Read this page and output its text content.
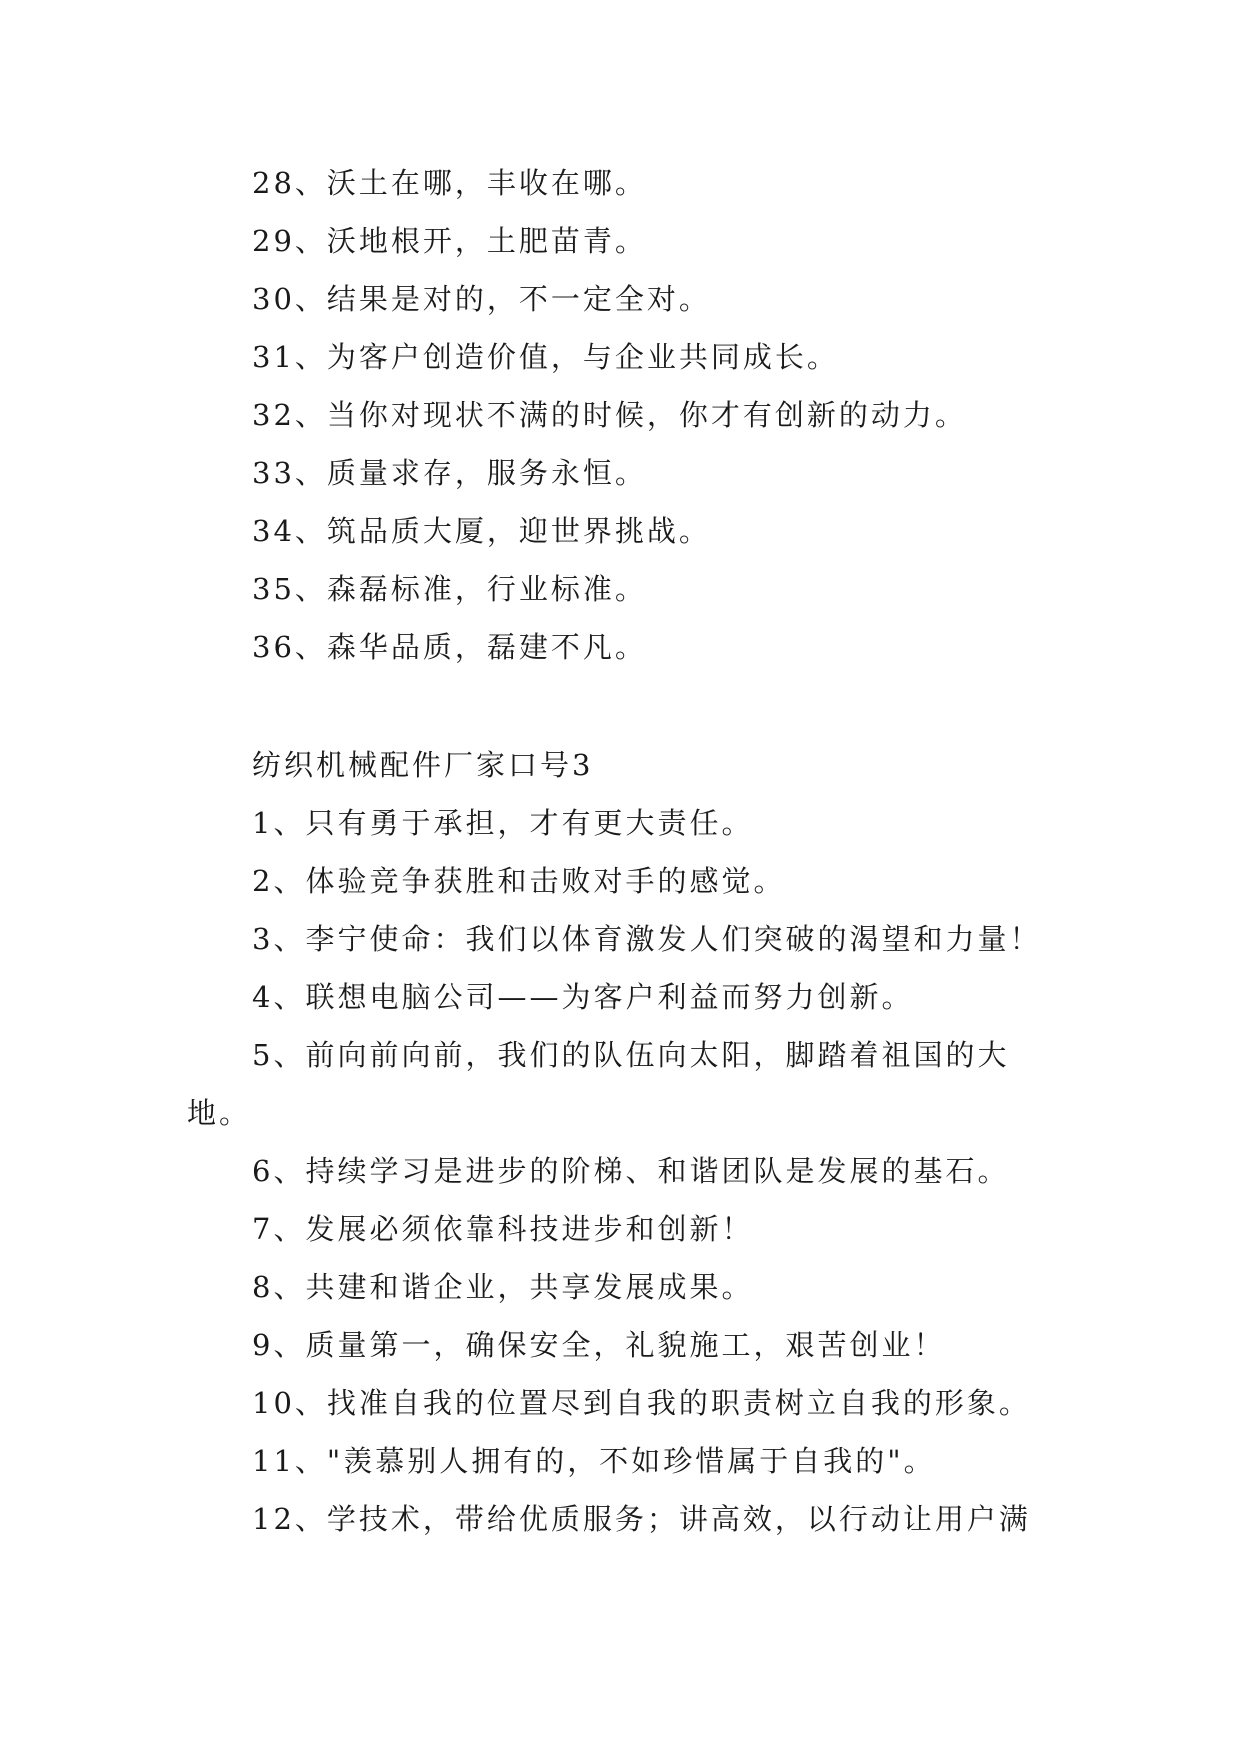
28、沃土在哪，丰收在哪。
29、沃地根开，土肥苗青。
30、结果是对的，不一定全对。
31、为客户创造价值，与企业共同成长。
32、当你对现状不满的时候，你才有创新的动力。
33、质量求存，服务永恒。
34、筑品质大厦，迎世界挑战。
35、森磊标准，行业标准。
36、森华品质，磊建不凡。
纺织机械配件厂家口号3
1、只有勇于承担，才有更大责任。
2、体验竞争获胜和击败对手的感觉。
3、李宁使命：我们以体育激发人们突破的渴望和力量！
4、联想电脑公司——为客户利益而努力创新。
5、前向前向前，我们的队伍向太阳，脚踏着祖国的大
地。
6、持续学习是进步的阶梯、和谐团队是发展的基石。
7、发展必须依靠科技进步和创新！
8、共建和谐企业，共享发展成果。
9、质量第一，确保安全，礼貌施工，艰苦创业！
10、找准自我的位置尽到自我的职责树立自我的形象。
11、"羡慕别人拥有的，不如珍惜属于自我的"。
12、学技术，带给优质服务；讲高效，以行动让用户满
